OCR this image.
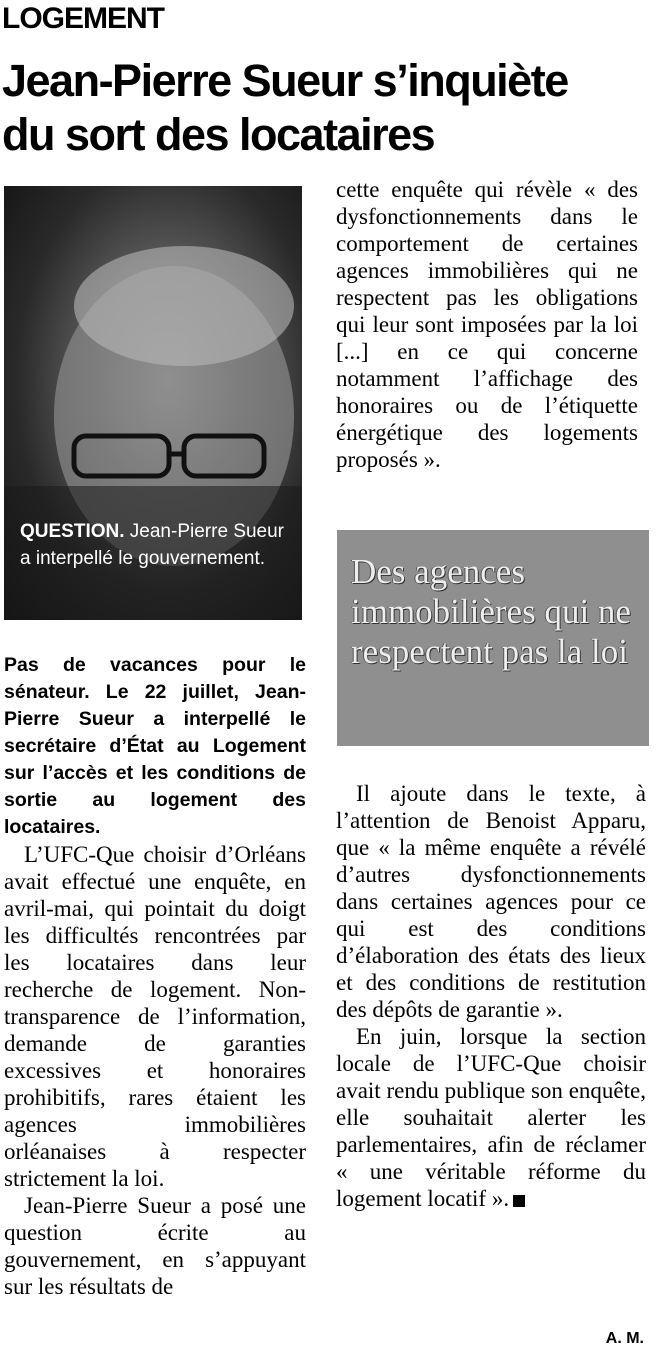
LOGEMENT
Jean-Pierre Sueur s’inquiète
du sort des locataires
QUESTION. Jean-Pierre Sueur a interpellé le gouvernement.

Pas de vacances pour le sénateur. Le 22 juillet, Jean-Pierre Sueur a interpellé le secrétaire d’État au Logement sur l’accès et les conditions de sortie au logement des locataires.

L’UFC-Que choisir d’Orléans avait effectué une enquête, en avril-mai, qui pointait du doigt les difficultés rencontrées par les locataires dans leur recherche de logement. Non-transparence de l’information, demande de garanties excessives et honoraires prohibitifs, rares étaient les agences immobilières orléanaises à respecter strictement la loi.

Jean-Pierre Sueur a posé une question écrite au gouvernement, en s’appuyant sur les résultats de

cette enquête qui révèle « des dysfonctionnements dans le comportement de certaines agences immobilières qui ne respectent pas les obligations qui leur sont imposées par la loi [...] en ce qui concerne notamment l’affichage des honoraires ou de l’étiquette énergétique des logements proposés ».

Des agences immobilières qui ne respectent pas la loi

Il ajoute dans le texte, à l’attention de Benoist Apparu, que « la même enquête a révélé d’autres dysfonctionnements dans certaines agences pour ce qui est des conditions d’élaboration des états des lieux et des conditions de restitution des dépôts de garantie ».

En juin, lorsque la section locale de l’UFC-Que choisir avait rendu publique son enquête, elle souhaitait alerter les parlementaires, afin de réclamer « une véritable réforme du logement locatif ».

A. M.
